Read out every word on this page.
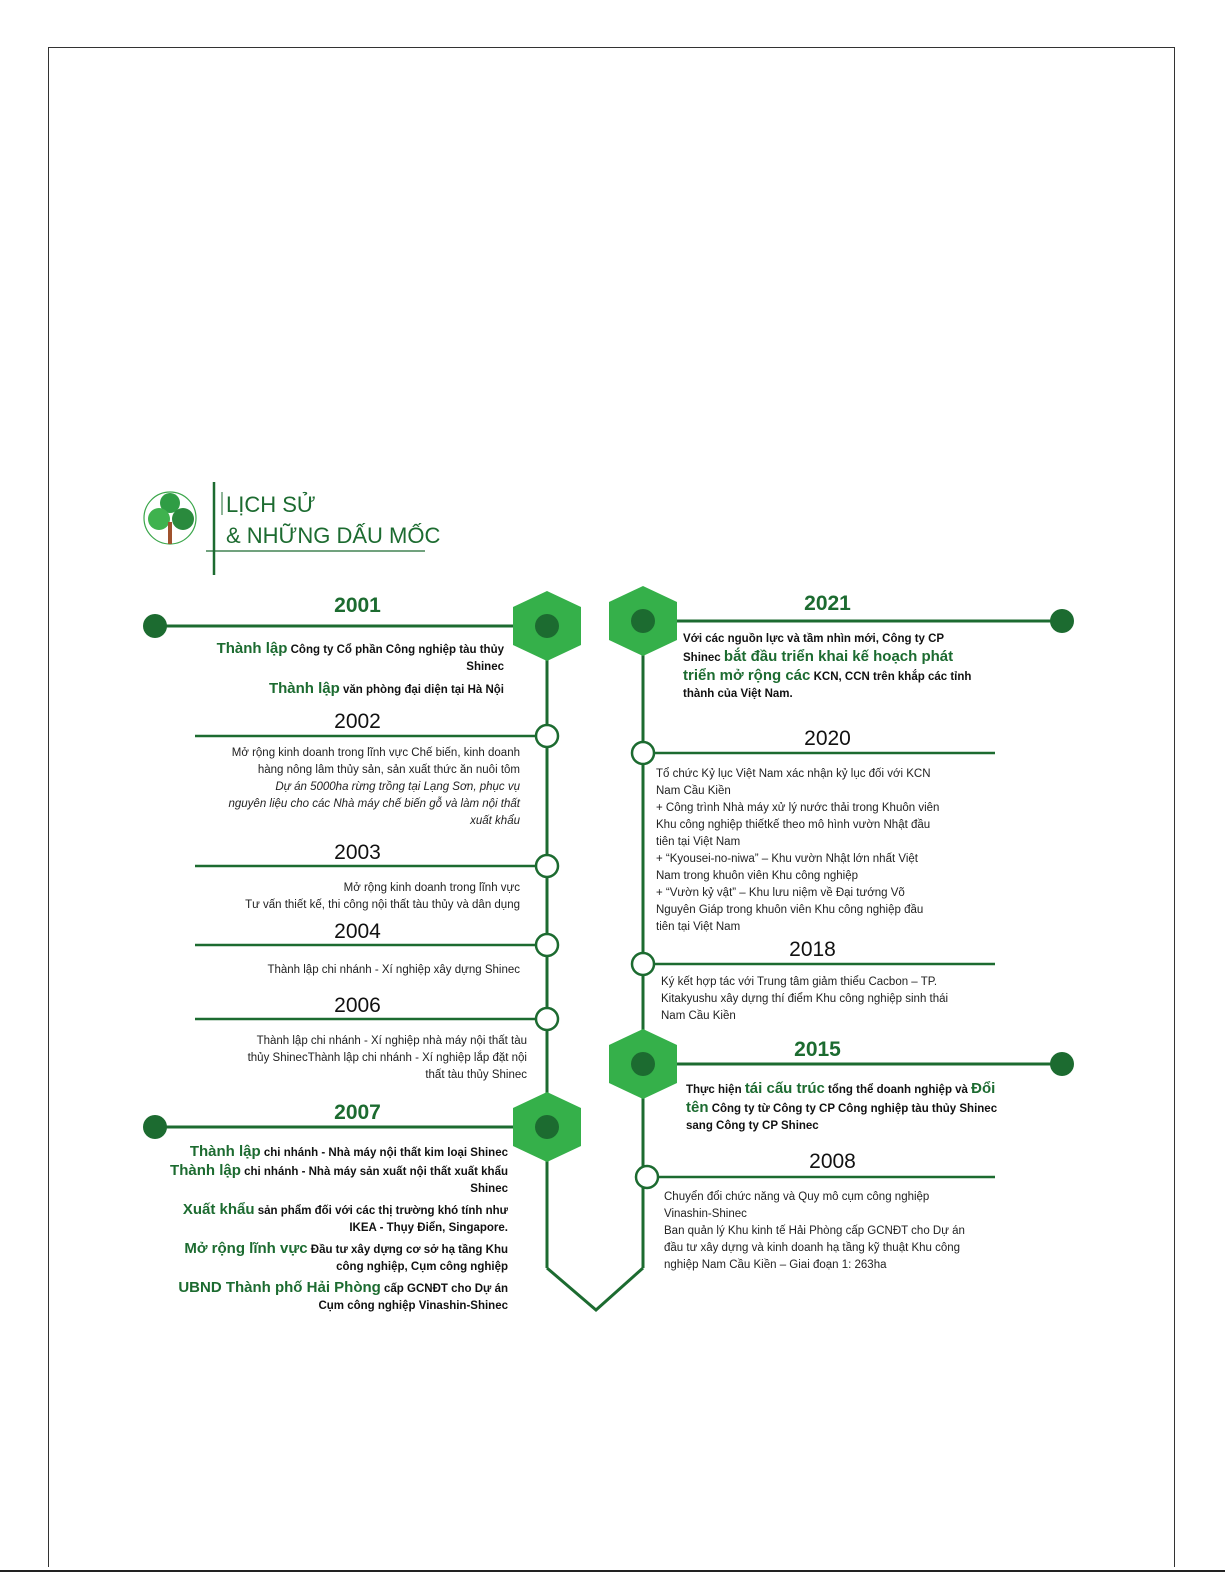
LỊCH SỬ
& NHỮNG DẤU MỐC
2001

Thành lập Công ty Cổ phần Công nghiệp tàu thủy

Shinec

Thành lập văn phòng đại diện tại Hà Nội

2002

Mở rộng kinh doanh trong lĩnh vực Chế biến, kinh doanh

hàng nông lâm thủy sản, sản xuất thức ăn nuôi tôm

Dự án 5000ha rừng trồng tại Lạng Sơn, phục vụ

nguyên liệu cho các Nhà máy chế biến gỗ và làm nội thất

xuất khẩu

2003

Mở rộng kinh doanh trong lĩnh vực

Tư vấn thiết kế, thi công nội thất tàu thủy và dân dụng

2004

Thành lập chi nhánh - Xí nghiệp xây dựng Shinec

2006

Thành lập chi nhánh - Xí nghiệp nhà máy nội thất tàu

thủy ShinecThành lập chi nhánh - Xí nghiệp lắp đặt nội

thất tàu thủy Shinec

2007

Thành lập chi nhánh - Nhà máy nội thất kim loại Shinec

Thành lập chi nhánh - Nhà máy sản xuất nội thất xuất khẩu

Shinec

Xuất khẩu sản phẩm đối với các thị trường khó tính như

IKEA - Thụy Điển, Singapore.

Mở rộng lĩnh vực Đầu tư xây dựng cơ sở hạ tầng Khu

công nghiệp, Cụm công nghiệp

UBND Thành phố Hải Phòng cấp GCNĐT cho Dự án

Cụm công nghiệp Vinashin-Shinec

2021

Với các nguồn lực và tầm nhìn mới, Công ty CP

Shinec bắt đầu triển khai kế hoạch phát

triển mở rộng các KCN, CCN trên khắp các tỉnh

thành của Việt Nam.

2020

Tổ chức Kỷ lục Việt Nam xác nhận kỷ lục đối với KCN

Nam Cầu Kiền

+ Công trình Nhà máy xử lý nước thải trong Khuôn viên

Khu công nghiệp thiếtkế theo mô hình vườn Nhật đầu

tiên tại Việt Nam

+ “Kyousei-no-niwa” – Khu vườn Nhật lớn nhất Việt

Nam trong khuôn viên Khu công nghiệp

+ “Vườn kỷ vật” – Khu lưu niệm về Đại tướng Võ

Nguyên Giáp trong khuôn viên Khu công nghiệp đầu

tiên tại Việt Nam

2018

Ký kết hợp tác với Trung tâm giảm thiểu Cacbon – TP.

Kitakyushu xây dựng thí điểm Khu công nghiệp sinh thái

Nam Cầu Kiền

2015

Thực hiện tái cấu trúc tổng thể doanh nghiệp và Đổi

tên Công ty từ Công ty CP Công nghiệp tàu thủy Shinec

sang Công ty CP Shinec

2008

Chuyển đổi chức năng và Quy mô cụm công nghiệp

Vinashin-Shinec

Ban quản lý Khu kinh tế Hải Phòng cấp GCNĐT cho Dự án

đầu tư xây dựng và kinh doanh hạ tầng kỹ thuật Khu công

nghiệp Nam Cầu Kiền – Giai đoạn 1: 263ha
